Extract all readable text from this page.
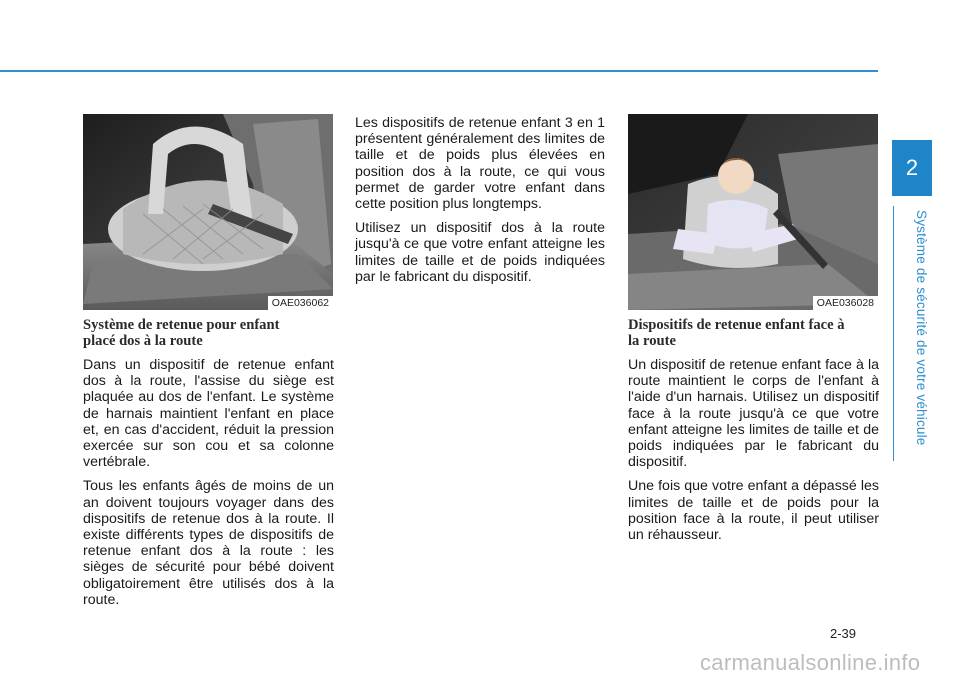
2
Système de sécurité de votre véhicule
OAE036062	OAE036028
Système de retenue pour enfant
placé dos à la route

Dans un dispositif de retenue enfant dos à la route, l'assise du siège est plaquée au dos de l'enfant. Le système de harnais maintient l'enfant en place et, en cas d'accident, réduit la pression exercée sur son cou et sa colonne vertébrale.

Tous les enfants âgés de moins de un an doivent toujours voyager dans des dispositifs de retenue dos à la route. Il existe différents types de dispositifs de retenue enfant dos à la route : les sièges de sécurité pour bébé doivent obligatoirement être utilisés dos à la route.

Les dispositifs de retenue enfant 3 en 1 présentent généralement des limites de taille et de poids plus élevées en position dos à la route, ce qui vous permet de garder votre enfant dans cette position plus longtemps.

Utilisez un dispositif dos à la route jusqu'à ce que votre enfant atteigne les limites de taille et de poids indiquées par le fabricant du dispositif.

Dispositifs de retenue enfant face à
la route

Un dispositif de retenue enfant face à la route maintient le corps de l'enfant à l'aide d'un harnais. Utilisez un dispositif face à la route jusqu'à ce que votre enfant atteigne les limites de taille et de poids indiquées par le fabricant du dispositif.

Une fois que votre enfant a dépassé les limites de taille et de poids pour la position face à la route, il peut utiliser un réhausseur.

2-39
carmanualsonline.info
